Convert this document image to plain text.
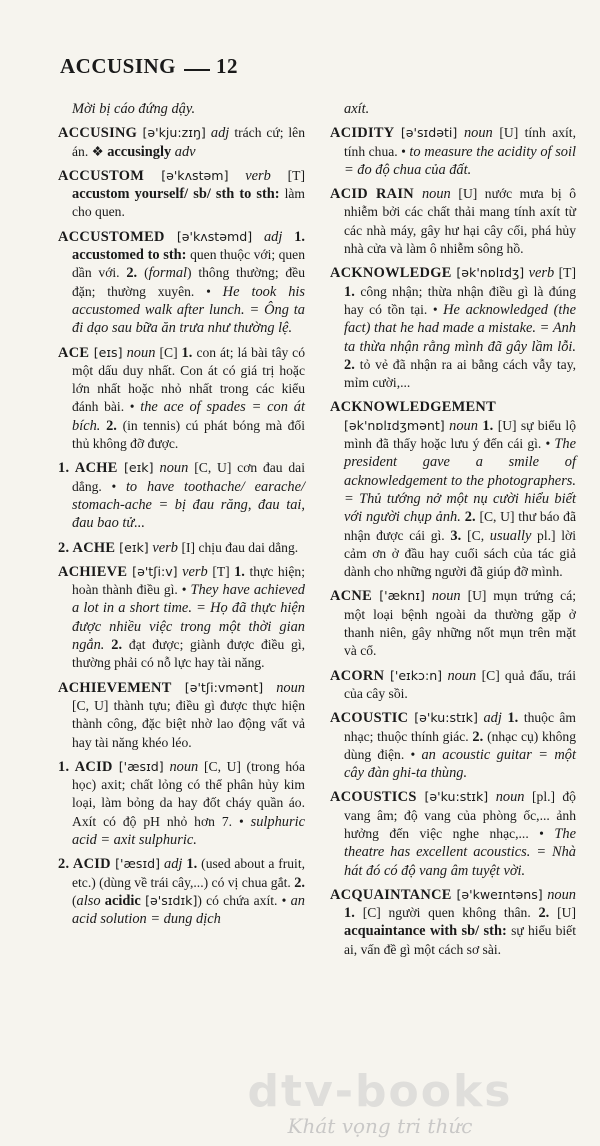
ACCUSING 12

Mời bị cáo đứng dậy.

ACCUSING [ə'kju:zɪŋ] adj trách cứ; lên án. ❖ accusingly adv

ACCUSTOM [ə'kʌstəm] verb [T] accustom yourself/ sb/ sth to sth: làm cho quen.

ACCUSTOMED [ə'kʌstəmd] adj 1. accustomed to sth: quen thuộc với; quen dần với. 2. (formal) thông thường; đều đặn; thường xuyên. • He took his accustomed walk after lunch. = Ông ta đi dạo sau bữa ăn trưa như thường lệ.

ACE [eɪs] noun [C] 1. con át; lá bài tây có một dấu duy nhất. Con át có giá trị hoặc lớn nhất hoặc nhỏ nhất trong các kiểu đánh bài. • the ace of spades = con át bích. 2. (in tennis) cú phát bóng mà đối thủ không đỡ được.

1. ACHE [eɪk] noun [C, U] cơn đau dai dẳng. • to have toothache/ earache/ stomach-ache = bị đau răng, đau tai, đau bao tử...

2. ACHE [eɪk] verb [I] chịu đau dai dẳng.

ACHIEVE [ə'tʃi:v] verb [T] 1. thực hiện; hoàn thành điều gì. • They have achieved a lot in a short time. = Họ đã thực hiện được nhiều việc trong một thời gian ngắn. 2. đạt được; giành được điều gì, thường phải có nỗ lực hay tài năng.

ACHIEVEMENT [ə'tʃi:vmənt] noun [C, U] thành tựu; điều gì được thực hiện thành công, đặc biệt nhờ lao động vất vả hay tài năng khéo léo.

1. ACID ['æsɪd] noun [C, U] (trong hóa học) axit; chất lỏng có thể phân hủy kim loại, làm bỏng da hay đốt cháy quần áo. Axít có độ pH nhỏ hơn 7. • sulphuric acid = axit sulphuric.

2. ACID ['æsɪd] adj 1. (used about a fruit, etc.) (dùng về trái cây,...) có vị chua gắt. 2. (also acidic [ə'sɪdɪk]) có chứa axít. • an acid solution = dung dịch

axít.

ACIDITY [ə'sɪdəti] noun [U] tính axít, tính chua. • to measure the acidity of soil = đo độ chua của đất.

ACID RAIN noun [U] nước mưa bị ô nhiễm bởi các chất thải mang tính axít từ các nhà máy, gây hư hại cây cối, phá hủy nhà cửa và làm ô nhiễm sông hồ.

ACKNOWLEDGE [ək'nɒlɪdʒ] verb [T] 1. công nhận; thừa nhận điều gì là đúng hay có tồn tại. • He acknowledged (the fact) that he had made a mistake. = Anh ta thừa nhận rằng mình đã gây lầm lỗi. 2. tỏ vẻ đã nhận ra ai bằng cách vẫy tay, mỉm cười,...

ACKNOWLEDGEMENT [ək'nɒlɪdʒmənt] noun 1. [U] sự biểu lộ mình đã thấy hoặc lưu ý đến cái gì. • The president gave a smile of acknowledgement to the photographers. = Thủ tướng nở một nụ cười hiểu biết với người chụp ảnh. 2. [C, U] thư báo đã nhận được cái gì. 3. [C, usually pl.] lời cảm ơn ở đầu hay cuối sách của tác giả dành cho những người đã giúp đỡ mình.

ACNE ['æknɪ] noun [U] mụn trứng cá; một loại bệnh ngoài da thường gặp ở thanh niên, gây những nốt mụn trên mặt và cổ.

ACORN ['eɪkɔ:n] noun [C] quả đấu, trái của cây sồi.

ACOUSTIC [ə'ku:stɪk] adj 1. thuộc âm nhạc; thuộc thính giác. 2. (nhạc cụ) không dùng điện. • an acoustic guitar = một cây đàn ghi-ta thùng.

ACOUSTICS [ə'ku:stɪk] noun [pl.] độ vang âm; độ vang của phòng ốc,... ảnh hưởng đến việc nghe nhạc,... • The theatre has excellent acoustics. = Nhà hát đó có độ vang âm tuyệt vời.

ACQUAINTANCE [ə'kweɪntəns] noun 1. [C] người quen không thân. 2. [U] acquaintance with sb/ sth: sự hiểu biết ai, vấn đề gì một cách sơ sài.

dtv-books
Khát vọng tri thức
